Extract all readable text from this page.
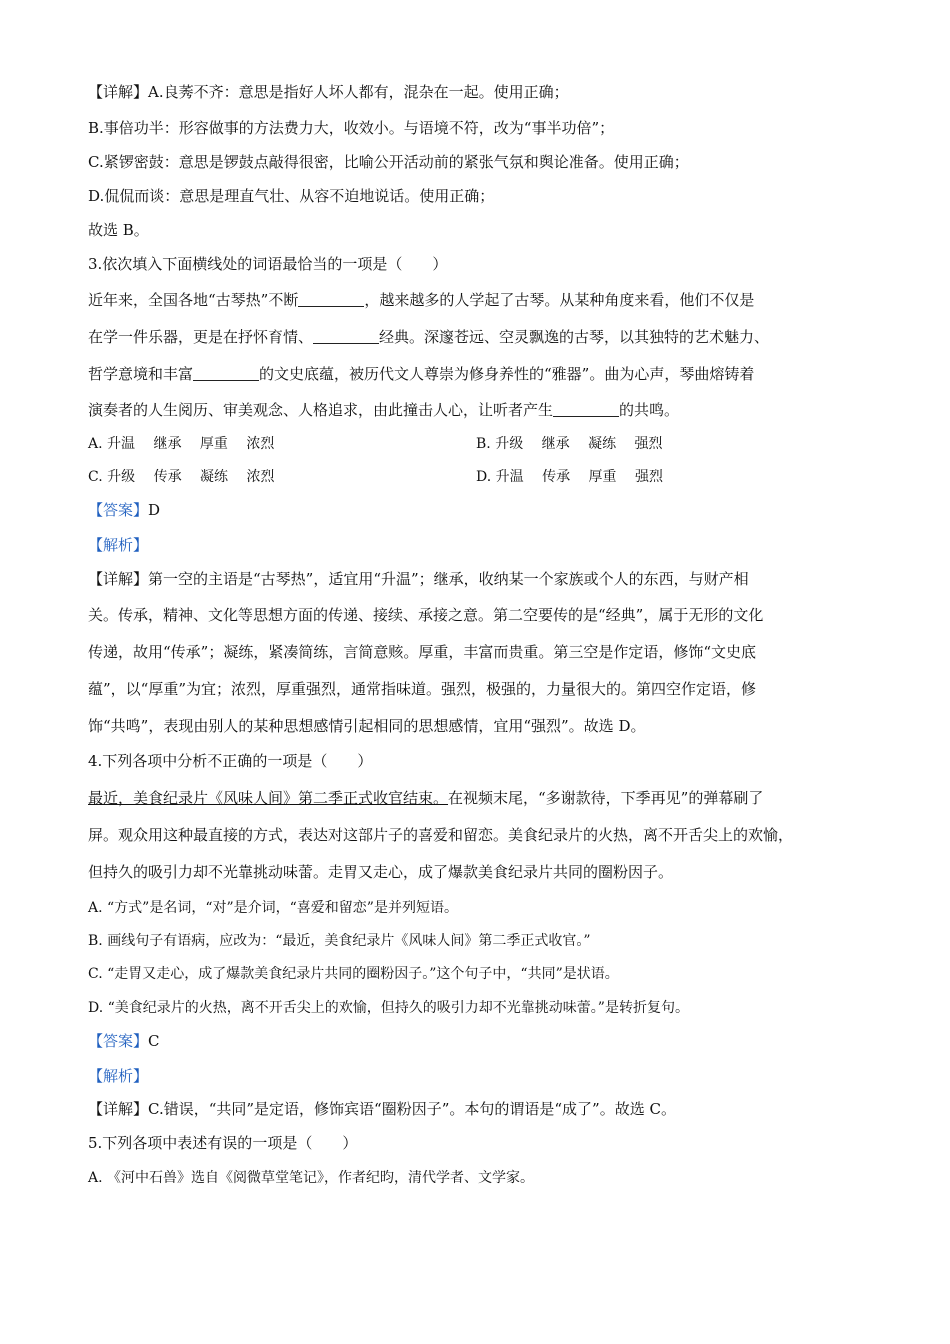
【详解】A.良莠不齐：意思是指好人坏人都有，混杂在一起。使用正确；
B.事倍功半：形容做事的方法费力大，收效小。与语境不符，改为“事半功倍”；
C.紧锣密鼓：意思是锣鼓点敲得很密，比喻公开活动前的紧张气氛和舆论准备。使用正确；
D.侃侃而谈：意思是理直气壮、从容不迫地说话。使用正确；
故选 B。
3.依次填入下面横线处的词语最恰当的一项是（　　）
近年来，全国各地“古琴热”不断	，越来越多的人学起了古琴。从某种角度来看，他们不仅是
在学一件乐器，更是在抒怀育情、	经典。深邃苍远、空灵飘逸的古琴，以其独特的艺术魅力、
哲学意境和丰富	的文史底蕴，被历代文人尊崇为修身养性的“雅器”。曲为心声，琴曲熔铸着
演奏者的人生阅历、审美观念、人格追求，由此撞击人心，让听者产生	的共鸣。
A. 升温　 继承　 厚重　 浓烈	B. 升级　 继承　 凝练　 强烈
C. 升级　 传承　 凝练　 浓烈	D. 升温　 传承　 厚重　 强烈
【答案】D
【解析】
【详解】第一空的主语是“古琴热”，适宜用“升温”；继承，收纳某一个家族或个人的东西，与财产相
关。传承，精神、文化等思想方面的传递、接续、承接之意。第二空要传的是“经典”，属于无形的文化
传递，故用“传承”；凝练，紧凑简练，言简意赅。厚重，丰富而贵重。第三空是作定语，修饰“文史底
蕴”，以“厚重”为宜；浓烈，厚重强烈，通常指味道。强烈，极强的，力量很大的。第四空作定语，修
饰“共鸣”，表现由别人的某种思想感情引起相同的思想感情，宜用“强烈”。故选 D。
4.下列各项中分析不正确的一项是（　　）
最近，美食纪录片《风味人间》第二季正式收官结束。在视频末尾，“多谢款待，下季再见”的弹幕刷了
屏。观众用这种最直接的方式，表达对这部片子的喜爱和留恋。美食纪录片的火热，离不开舌尖上的欢愉，
但持久的吸引力却不光靠挑动味蕾。走胃又走心，成了爆款美食纪录片共同的圈粉因子。
A. “方式”是名词，“对”是介词，“喜爱和留恋”是并列短语。
B. 画线句子有语病，应改为：“最近，美食纪录片《风味人间》第二季正式收官。”
C. “走胃又走心，成了爆款美食纪录片共同的圈粉因子。”这个句子中，“共同”是状语。
D. “美食纪录片的火热，离不开舌尖上的欢愉，但持久的吸引力却不光靠挑动味蕾。”是转折复句。
【答案】C
【解析】
【详解】C.错误，“共同”是定语，修饰宾语“圈粉因子”。本句的谓语是“成了”。故选 C。
5.下列各项中表述有误的一项是（　　）
A. 《河中石兽》选自《阅微草堂笔记》，作者纪昀，清代学者、文学家。
